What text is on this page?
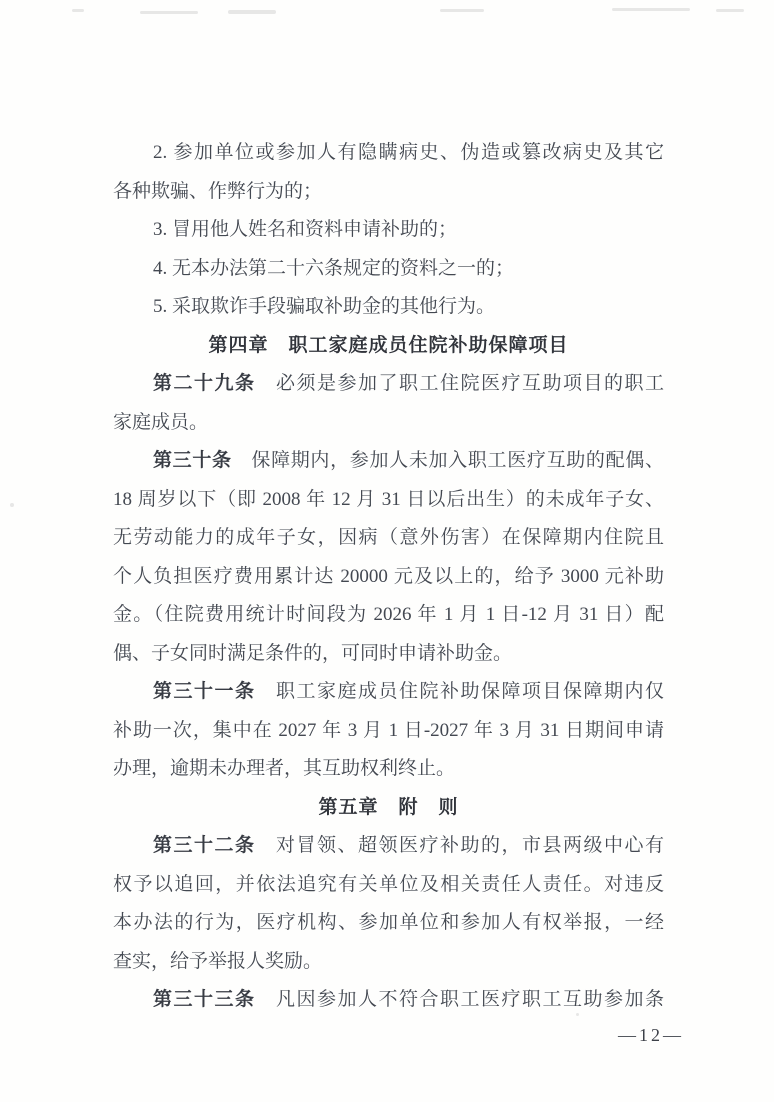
2. 参加单位或参加人有隐瞒病史、伪造或篡改病史及其它

各种欺骗、作弊行为的；

3. 冒用他人姓名和资料申请补助的；

4. 无本办法第二十六条规定的资料之一的；

5. 采取欺诈手段骗取补助金的其他行为。

第四章　职工家庭成员住院补助保障项目

第二十九条　必须是参加了职工住院医疗互助项目的职工

家庭成员。

第三十条　保障期内，参加人未加入职工医疗互助的配偶、

18 周岁以下（即 2008 年 12 月 31 日以后出生）的未成年子女、

无劳动能力的成年子女，因病（意外伤害）在保障期内住院且

个人负担医疗费用累计达 20000 元及以上的，给予 3000 元补助

金。（住院费用统计时间段为 2026 年 1 月 1 日-12 月 31 日）配

偶、子女同时满足条件的，可同时申请补助金。

第三十一条　职工家庭成员住院补助保障项目保障期内仅

补助一次，集中在 2027 年 3 月 1 日-2027 年 3 月 31 日期间申请

办理，逾期未办理者，其互助权利终止。

第五章　附　则

第三十二条　对冒领、超领医疗补助的，市县两级中心有

权予以追回，并依法追究有关单位及相关责任人责任。对违反

本办法的行为，医疗机构、参加单位和参加人有权举报，一经

查实，给予举报人奖励。

第三十三条　凡因参加人不符合职工医疗职工互助参加条

—12—
